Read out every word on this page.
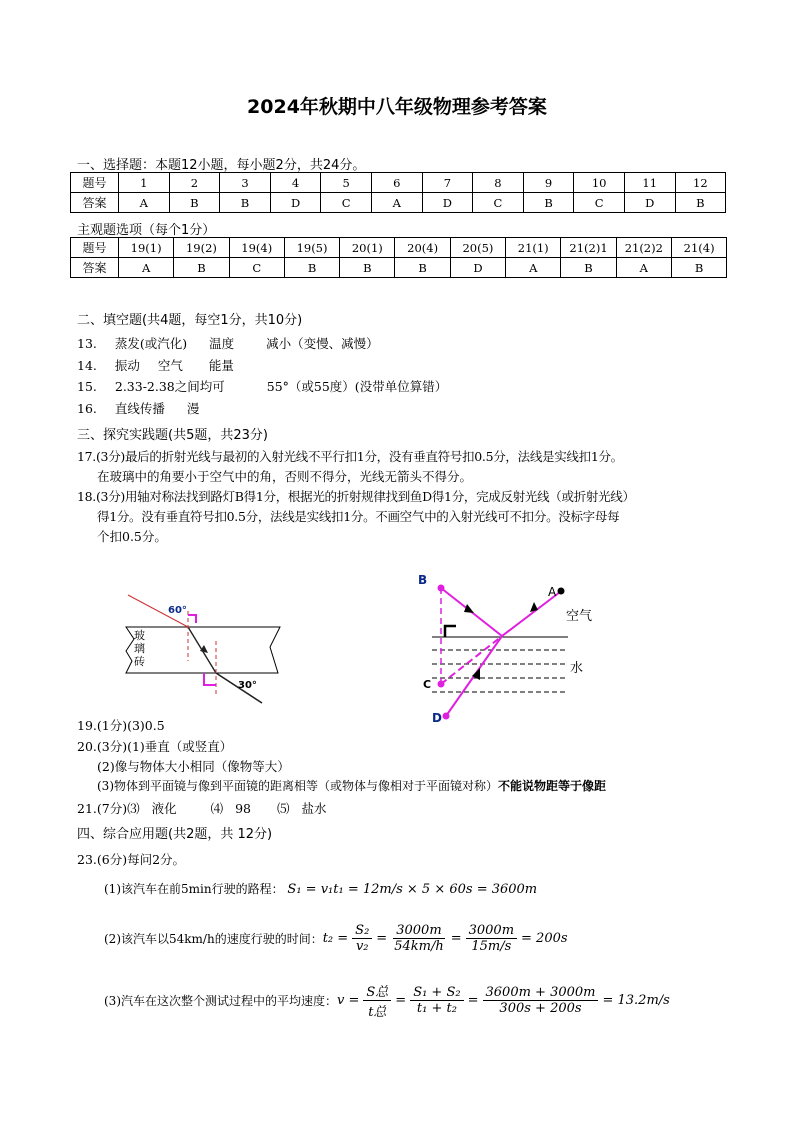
2024年秋期中八年级物理参考答案
一、选择题：本题12小题，每小题2分，共24分。
题号	1	2	3	4	5	6	7	8	9	10	11	12
答案	A	B	B	D	C	A	D	C	B	C	D	B
主观题选项（每个1分）
题号	19(1)	19(2)	19(4)	19(5)	20(1)	20(4)	20(5)	21(1)	21(2)1	21(2)2	21(4)
答案	A	B	C	B	B	B	D	A	B	A	B
二、填空题(共4题，每空1分，共10分)
13. 蒸发(或汽化) 温度	减小（变慢、减慢）
14. 振动 空气 能量
15. 2.33-2.38之间均可	55°（或55度）(没带单位算错）
16. 直线传播 漫
三、探究实践题(共5题，共23分)
17.(3分)最后的折射光线与最初的入射光线不平行扣1分，没有垂直符号扣0.5分，法线是实线扣1分。
在玻璃中的角要小于空气中的角，否则不得分，光线无箭头不得分。
18.(3分)用轴对称法找到路灯B得1分，根据光的折射规律找到鱼D得1分，完成反射光线（或折射光线）
得1分。没有垂直符号扣0.5分，法线是实线扣1分。不画空气中的入射光线可不扣分。没标字母每
个扣0.5分。
60°
30°
玻璃砖
B
A
C
D
空气
水
19.(1分)(3)0.5
20.(3分)(1)垂直（或竖直）
(2)像与物体大小相同（像物等大）
(3)物体到平面镜与像到平面镜的距离相等（或物体与像相对于平面镜对称）不能说物距等于像距
21.(7分)⑶ 液化	⑷ 98 ⑸ 盐水
四、综合应用题(共2题，共 12分)
23.(6分)每问2分。
(1)该汽车在前5min行驶的路程： S₁ = v₁t₁ = 12m/s × 5 × 60s = 3600m
(2)该汽车以54km/h的速度行驶的时间： $t_2 = \frac{\text{S₂}}{\text{v₂}} = \frac{3000m}{54km/h} = \frac{3000m}{15m/s} = 200s$
(3)汽车在这次整个测试过程中的平均速度： v =
S总
t总
= $\frac{\text{S₁ + S₂}}{\text{t₁ + t₂}} = \frac{3600m + 3000m}{300s + 200s} = 13.2m/s$
